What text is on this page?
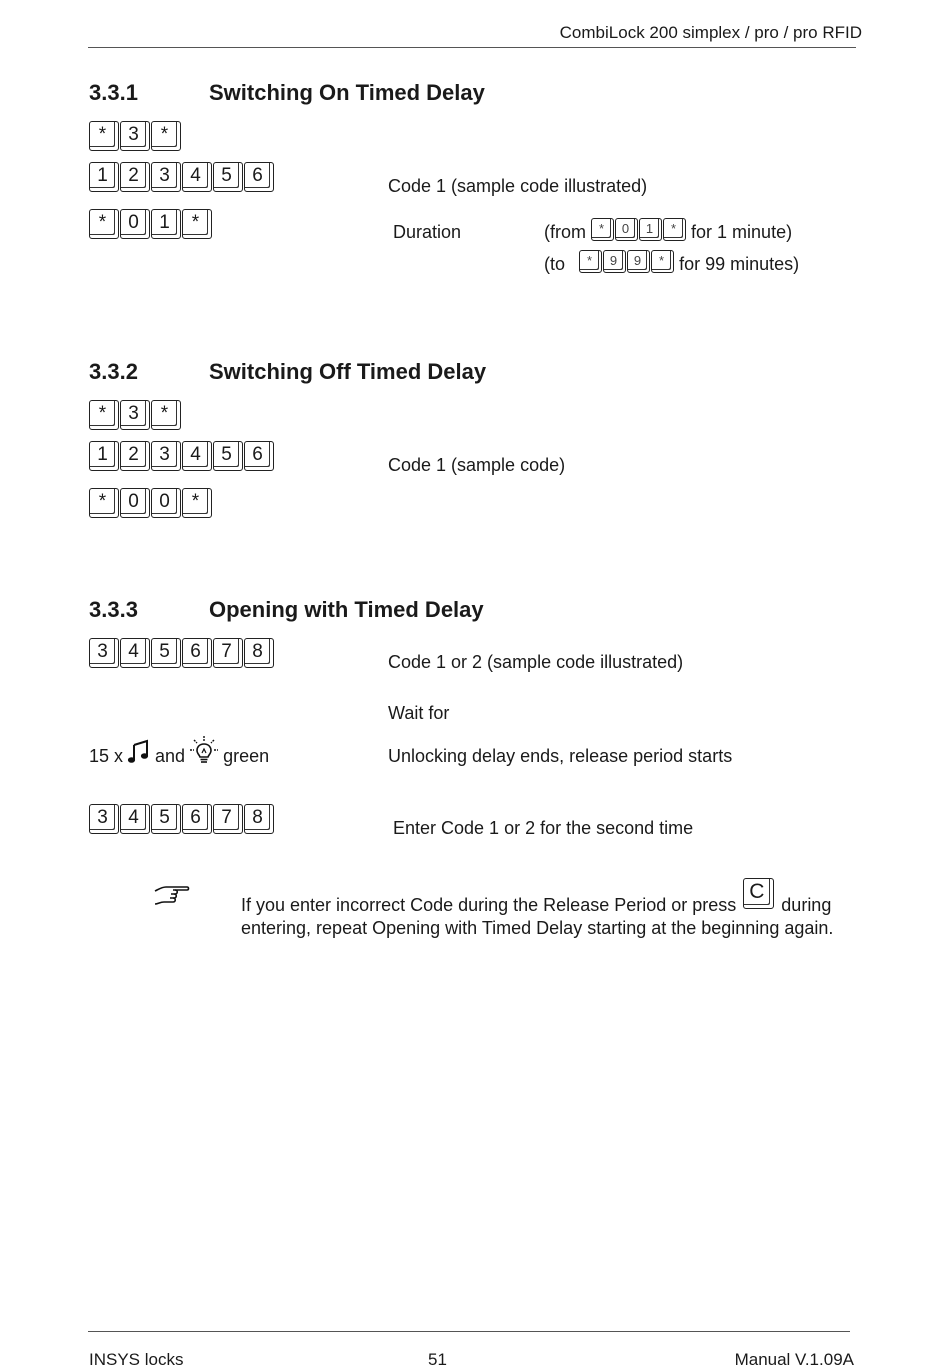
CombiLock 200 simplex / pro / pro RFID
3.3.1	Switching On Timed Delay
*	3	*
1	2	3	4	5	6	Code 1 (sample code illustrated)
*	0	1	*	Duration	(from *	0	1	* for 1 minute)
(to	*	9	9	* for 99 minutes)
3.3.2	Switching Off Timed Delay
*	3	*
1	2	3	4	5	6	Code 1 (sample code)
*	0	0	*
3.3.3	Opening with Timed Delay
3	4	5	6	7	8	Code 1 or 2 (sample code illustrated)
Wait for
15 x and green	Unlocking delay ends, release period starts
3	4	5	6	7	8	Enter Code 1 or 2 for the second time
If you enter incorrect Code during the Release Period or press
C
during
entering, repeat Opening with Timed Delay starting at the beginning again.
INSYS locks	51	Manual V.1.09A
